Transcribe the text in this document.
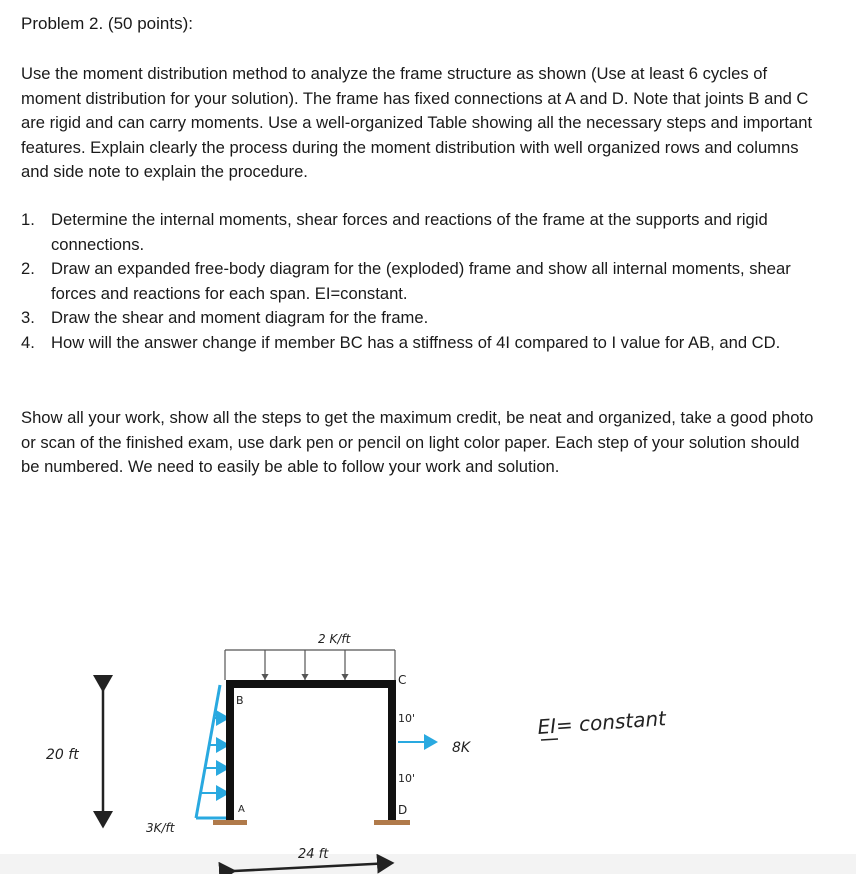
Problem 2. (50 points):

Use the moment distribution method to analyze the frame structure as shown (Use at least 6 cycles of moment distribution for your solution). The frame has fixed connections at A and D. Note that joints B and C are rigid and can carry moments. Use a well-organized Table showing all the necessary steps and important features. Explain clearly the process during the moment distribution with well organized rows and columns and side note to explain the procedure.

1. Determine the internal moments, shear forces and reactions of the frame at the supports and rigid connections.
2. Draw an expanded free-body diagram for the (exploded) frame and show all internal moments, shear forces and reactions for each span. EI=constant.
3. Draw the shear and moment diagram for the frame.
4. How will the answer change if member BC has a stiffness of 4I compared to I value for AB, and CD.

Show all your work, show all the steps to get the maximum credit, be neat and organized, take a good photo or scan of the finished exam, use dark pen or pencil on light color paper. Each step of your solution should be numbered. We need to easily be able to follow your work and solution.

20 ft
2 K/ft
3K/ft
B
A
C
D
10'
10'
8K
24 ft
EI= constant
